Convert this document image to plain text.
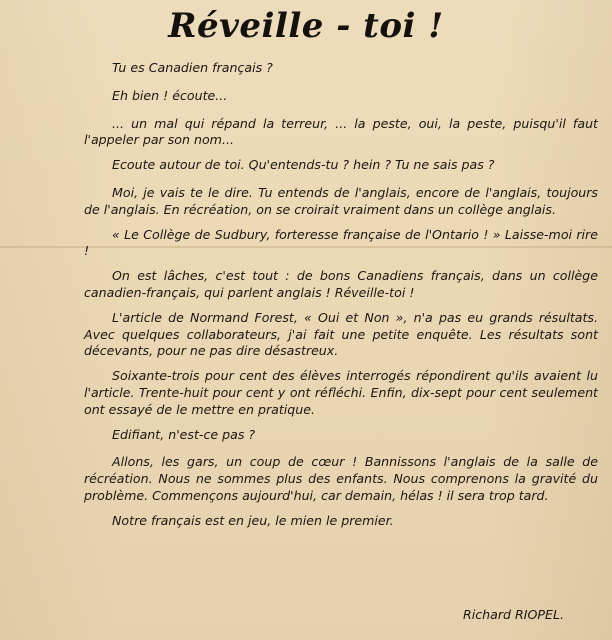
Réveille - toi !

Tu es Canadien français ?

Eh bien ! écoute...

... un mal qui répand la terreur, ... la peste, oui, la peste, puisqu'il faut l'appeler par son nom...

Ecoute autour de toi. Qu'entends-tu ? hein ? Tu ne sais pas ?

Moi, je vais te le dire. Tu entends de l'anglais, encore de l'anglais, toujours de l'anglais. En récréation, on se croirait vraiment dans un collège anglais.

« Le Collège de Sudbury, forteresse française de l'Ontario ! » Laisse-moi rire !

On est lâches, c'est tout : de bons Canadiens français, dans un collège canadien-français, qui parlent anglais ! Réveille-toi !

L'article de Normand Forest, « Oui et Non », n'a pas eu grands résultats. Avec quelques collaborateurs, j'ai fait une petite enquête. Les résultats sont décevants, pour ne pas dire désastreux.

Soixante-trois pour cent des élèves interrogés répondirent qu'ils avaient lu l'article. Trente-huit pour cent y ont réfléchi. Enfin, dix-sept pour cent seulement ont essayé de le mettre en pratique.

Edifiant, n'est-ce pas ?

Allons, les gars, un coup de cœur ! Bannissons l'anglais de la salle de récréation. Nous ne sommes plus des enfants. Nous comprenons la gravité du problème. Commençons aujourd'hui, car demain, hélas ! il sera trop tard.

Notre français est en jeu, le mien le premier.

Richard RIOPEL.
